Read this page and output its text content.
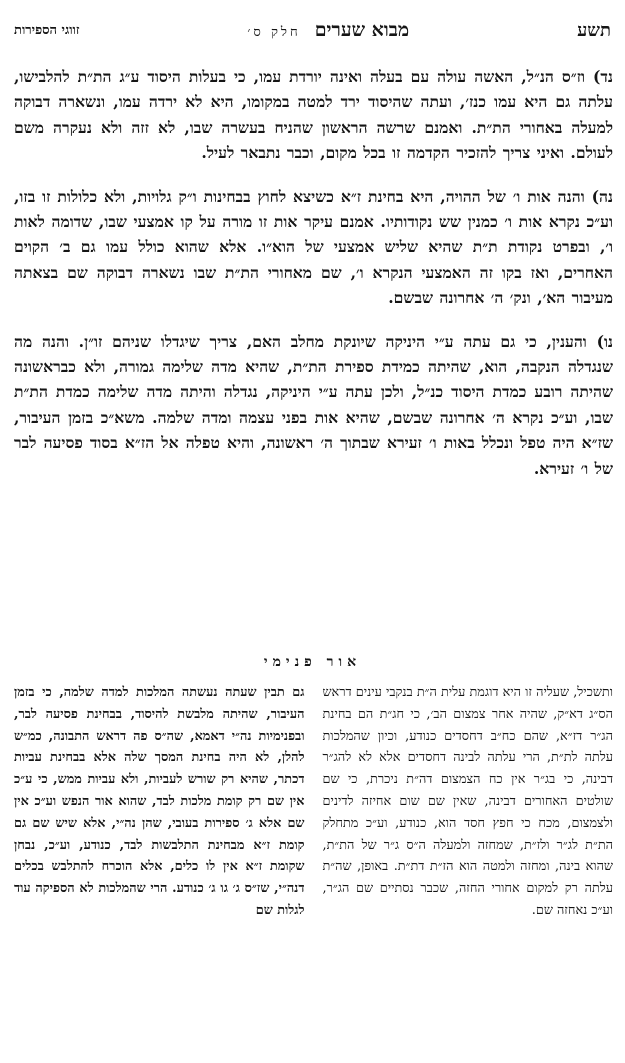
תשע
מבוא שערים
חלק ס׳
זווגי הספירות

נד) וז״ס הנ״ל, האשה עולה עם בעלה ואינה יורדת עמו, כי בעלות היסוד ע״ג הת״ת להלבישו, עלתה גם היא עמו כנז׳, ועתה שהיסוד ירד למטה במקומו, היא לא ירדה עמו, ונשארה דבוקה למעלה באחורי הת״ת. ואמנם שרשה הראשון שהניח בעשרה שבו, לא זזה ולא נעקרה משם לעולם. ואיני צריך להזכיר הקדמה זו בכל מקום, וכבר נתבאר לעיל.

נה) והנה אות ו׳ של ההויה, היא בחינת ז״א כשיצא לחוץ בבחינות ו״ק גלויות, ולא כלולות זו בזו, וע״כ נקרא אות ו׳ כמנין שש נקודותיו. אמנם עיקר אות זו מורה על קו אמצעי שבו, שדומה לאות ו׳, ובפרט נקודת ת״ת שהיא שליש אמצעי של הוא״ו. אלא שהוא כולל עמו גם ב׳ הקוים האחרים, ואז בקו זה האמצעי הנקרא ו׳, שם מאחורי הת״ת שבו נשארה דבוקה שם בצאתה מעיבור הא׳, ונק׳ ה׳ אחרונה שבשם.

נו) והענין, כי גם עתה ע״י היניקה שיונקת מחלב האם, צריך שיגדלו שניהם זו״ן. והנה מה שנגדלה הנקבה, הוא, שהיתה כמידת ספירת הת״ת, שהיא מדה שלימה גמורה, ולא כבראשונה שהיתה רובע כמדת היסוד כנ״ל, ולכן עתה ע״י היניקה, נגדלה והיתה מדה שלימה כמדת הת״ת שבו, וע״כ נקרא ה׳ אחרונה שבשם, שהיא אות בפני עצמה ומדה שלמה. משא״כ בזמן העיבור, שז״א היה טפל ונכלל באות ו׳ זעירא שבתוך ה׳ ראשונה, והיא טפלה אל הז״א בסוד פסיעה לבר של ו׳ זעירא.

אור פנימי
ותשכיל, שעליה זו היא דוגמת עלית ה״ת בנקבי עינים דראש הס״ג דא״ק, שהיה אחר צמצום הב׳, כי חג״ת הם בחינת הג״ר דז״א, שהם כח״ב דחסדים כנודע, וכיון שהמלכות עלתה לת״ת, הרי עלתה לבינה דחסדים אלא לא להג״ר דבינה, כי בג״ר אין כח הצמצום דה״ת ניכרת, כי שם שולטים האחורים דבינה, שאין שם שום אחיזה לדינים ולצמצום, מכח כי חפץ חסד הוא, כנודע, וע״כ מתחלק הת״ת לג״ר ולז״ת, שמחזה ולמעלה ה״ס ג״ר של הת״ת, שהוא בינה, ומחזה ולמטה הוא הז״ת דת״ת. באופן, שה״ת עלתה רק למקום אחורי החזה, שכבר נסתיים שם הג״ר, וע״כ נאחזה שם.
גם תבין שעתה נעשתה המלכות למדה שלמה, כי בזמן העיבור, שהיתה מלבשת להיסוד, בבחינת פסיעה לבר, ובפנימיות נה״י דאמא, שה״ס פה דראש התבונה, כמ״ש להלן, לא היה בחינת המסך שלה אלא בבחינת עביות דכתר, שהיא רק שורש לעביות, ולא עביות ממש, כי ע״כ אין שם רק קומת מלכות לבד, שהוא אור הנפש וע״כ אין שם אלא ג׳ ספירות בעובי, שהן נה״י, אלא שיש שם גם קומת ז״א מבחינת התלבשות לבד, כנודע, וע״כ, נבחן שקומת ז״א אין לו כלים, אלא הוכרח להתלבש בכלים דנה״י, שז״ס ג׳ גו ג׳ כנודע. הרי שהמלכות לא הספיקה עוד לגלות שם
